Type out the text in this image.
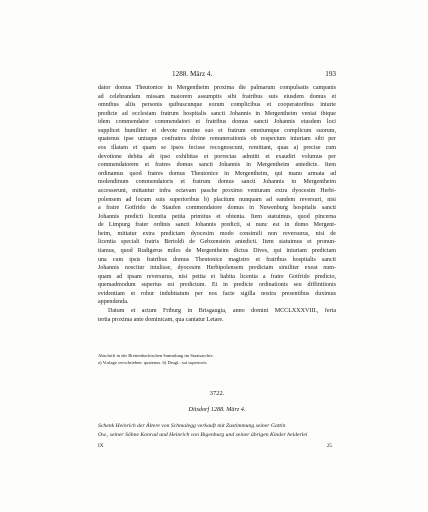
1288. März 4.	193
dator domus Theutonice in Mergentheim proxima die palmarum compulsatis campanis
ad celebrandam missam maiorem assumptis sibi fratribus suis eiusdem domus et
omnibus aliis personis quibuscunque eorum complicibus et cooperatoribus iniurie
predicte ad ecclesiam fratrum hospitalis sancti Johannis in Mergentheim veniat ibique
idem commendator commendatori et fratribus domus sancti Johannis eiusdem loci
supplicet humiliter et devote nomine suo et fratrum omniumque complicum suorum,
quatenus ipse uniuque confratres divine remunerationis ob respectum iniuriam sibi per
eos illatam et quam se ipsos fecisse recognoscunt, remittant, quas a) precise cum
devotione debita ab ipso exhibitas et porrectas admitti et exaudiri volumus per
commendatorem et fratres domus sancti Johannis in Mergentheim antedicte. Item
ordinamus quod fratres domus Theutonice in Mergentheim, qui manu armata ad
molendinum commendatoris et fratrum domus sancti Johannis in Mergentheim
accesserunt, mittantur infra octavam pasche proximo venturam extra dyocesim Herbi-
polensem ad locum suis superioribus b) placitum nunquam ad eandem reversuri, nisi
a fratre Gotfrido de Staufen commendatore domus in Nuwenburg hospitalis sancti
Johannis predicti licentia petita primitus et obtenta. Item statuimus, quod pincerna
de Limpurg frater ordinis sancti Johannis predicti, si nunc est in domo Mergent-
heim, mittatur extra predictam dyocesim modo consimili non reversurus, nisi de
licentia speciali fratris Bertoldi de Gebzenstein antedicti. Item statuimus et pronun-
tiamus, quod Rudigerus miles de Mergentheim dictus Dives, qui iniuriam predictam
una cum ipsis fratribus domus Theutonice magistro et fratribus hospitalis sancti
Johannis noscitur intulisse, dyocesim Herbipolensem predictam similiter exeat num-
quam ad ipsam reversurus, nisi petita et habita licentia a fratre Gotfrido predicto,
quemadmodum superius est predictum. Et in predicte ordinationis seu diffinitionis
evidentiam et robur indubitatum per nos facte sigilla nostra presentibus duximus
appendenda.
Datum et actum Friburg in Brisgaugia, anno domini MCCLXXXVIII., feria
tertia proxima ante dominicam, qua cantatur Letare.
Abschrift in der Breitenbachischen Sammlung im Staatsarchiv.
a) Vorlage verschrieben: quatenus. b) Drugl.: sui superioris.
3722.
Ditsdorf 1288. März 4.
Schenk Heinrich der Ältere von Schmalegg verkauft mit Zustimmung seiner Gattin
Ow., seiner Söhne Konrad und Heinrich von Bigenburg und seiner übrigen Kinder heiderlei
IX	25
